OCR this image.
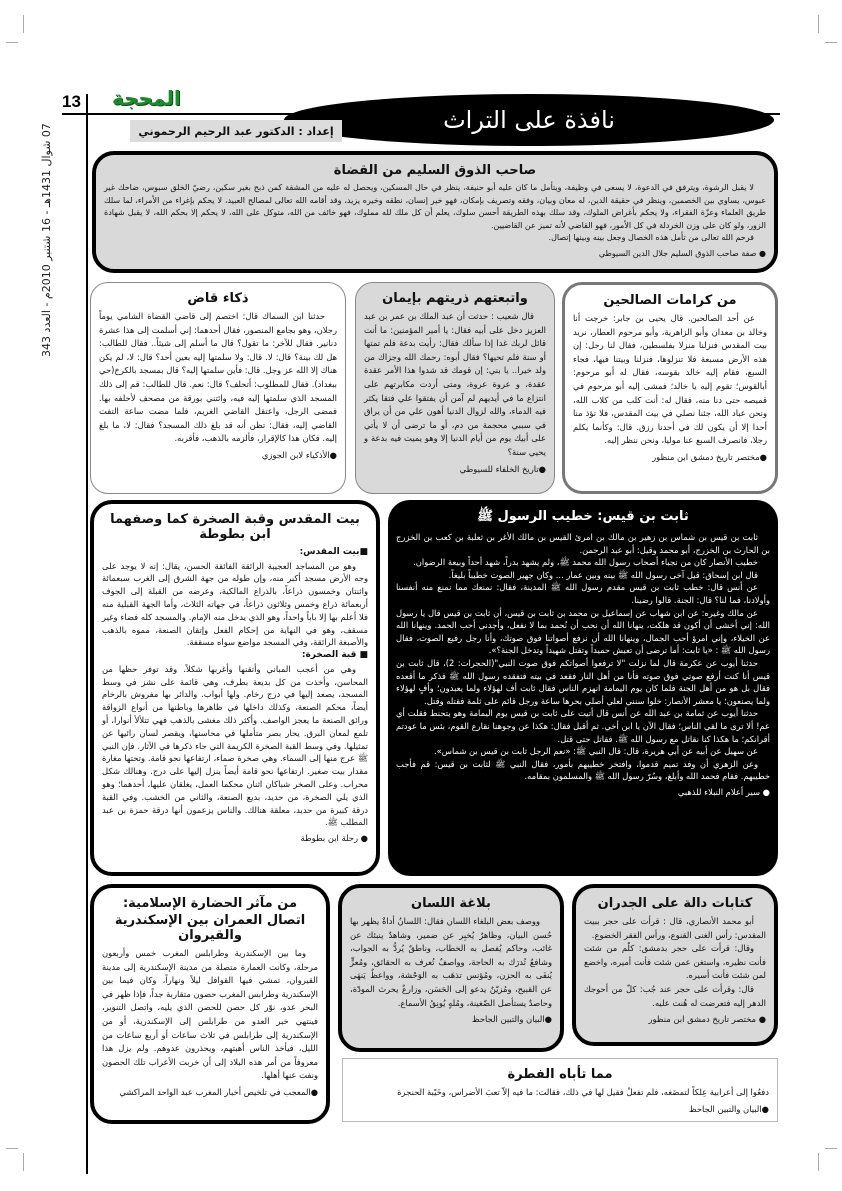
13
07 شوال 1431هـ - 16 شتنبر 2010م - العدد 343
المحجة
نافذة على التراث
إعداد : الدكتور عبد الرحيم الرحموني
صاحب الذوق السليم من القضاة

لا يقبل الرشوة، ويترفق في الدعوة، لا يسعى في وظيفة، ويتأمل ما كان عليه أبو حنيفة، ينظر في حال المسكين، ويحصل له عليه من المشقة كمن ذبح بغير سكين، رضيّ الخلق سبوس، ضاحك غير عبوس، يساوي بين الخصمين، وينظر في حقيقة الدين، له معان وبيان، وفقه وتصريف بإمكان، فهو خير إنسان، نطقه وخيره يزيد، وقد أقامه الله تعالى لمصالح العبيد، لا يحكم بإغراء من الأمراء، لما سلك طريق العلماء وعزّة الفقراء، ولا يحكم بأغراض الملوك، وقد سلك بهذه الطريقة أحسن سلوك، يعلم أن كل ملك لله مملوك، فهو خائف من الله، متوكل على الله، لا يحكم إلا بحكم الله، لا يقبل شهادة الزور، ولو كان على وزن الخردلة في كل الأمور، فهو القاضي لأنه تميز عن القاضيين.

فرحم الله تعالى من تأمل هذه الخصال وجعل بينه وبينها إتصال.

● صفة صاحب الذوق السليم جلال الدين السيوطي

من كرامات الصالحين

عن أحد الصالحين. قال يحيى بن جابر: خرجت أنا وخالد بن معدان وأبو الزاهرية، وأبو مرحوم العطار، نريد بيت المقدس فنزلنا منزلا بفلسطين، فقال لنا رجل: إن هذه الأرض مسبعة فلا تنزلوها، فنزلنا وبيتنا فيها، فجاء السبع، فقام إليه خالد بقوسه، فقال له أبو مرحوم: أبالقوس؛ تقوم إليه يا خالد؛ فمشى إليه أبو مرحوم في قميصه حتى دنا منه، فقال له: أنت كلب من كلاب الله، ونحن عباد الله، جئنا نصلي في بيت المقدس، فلا تؤذ منا أحدا إلا أن يكون لك في أحدنا رزق. قال: وكأنما يكلم رجلا، فانصرف السبع عنا موليا، ونحن ننظر إليه.

●مختصر تاريخ دمشق ابن منظور

واتبعتهم ذريتهم بإيمان

قال شعيب : حدثت أن عبد الملك بن عمر بن عبد العزيز دخل على أبيه فقال: يا أمير المؤمنين: ما أنت قائل لربك غدا إذا سألك فقال: رأيت بدعة فلم تمتها أو سنة فلم تحيها؟ فقال أبوه: رحمك الله وجزاك من ولد خيرا.. يا بني: إن قومك قد شدوا هذا الأمر عقدة عقدة، و عروة عروة، ومتى أردت مكابرتهم على انتزاع ما في أيديهم لم آمن أن يفتقوا علي فتقا يكثر فيه الدماء، والله لزوال الدنيا أهون علي من أن يراق في سببي محجمة من دم، أو ما ترضى أن لا يأتي على أبيك يوم من أيام الدنيا إلا وهو يميت فيه بدعة و يحيي سنة؟

●تاريخ الخلفاء للسيوطي

ذكاء قاض

حدثنا ابن السماك قال: اختصم إلى قاضي القضاة الشامي يوماً رجلان، وهو بجامع المنصور، فقال أحدهما: إني أسلمت إلى هذا عشرة دنانير. فقال للآخر: ما تقول؟ قال ما أسلم إلى شيئاً.. فقال للطالب: هل لك بينة؟ قال: لا. قال: ولا سلمتها إليه بعين أحد؟ قال: لا، لم يكن هناك إلا الله عز وجل. قال: فأين سلمتها إليه؟ قال بمسجد بالكرخ(حي ببغداد). فقال للمطلوب: أتحلف؟ قال: نعم. قال للطالب: قم إلى ذلك المسجد الذي سلمتها إليه فيه، وائتني بورقة من مصحف لأحلفه بها. فمضى الرجل، واعتقل القاضي الغريم، فلما مضت ساعة التفت القاضي إليه، فقال: تظن أنه قد بلغ ذلك المسجد؟ فقال: لا، ما بلغ إليه. فكان هذا كالإقرار، فألزمه بالذهب، فأقربه.

●الأذكياء لابن الجوزي

ثابت بن قيس: خطيب الرسول ﷺ

ثابت بن قيس بن شماس بن زهير بن مالك بن امرئ القيس بن مالك الأغر بن ثعلبة بن كعب بن الخزرج بن الحارث بن الخزرج، أبو محمد وقيل: أبو عبد الرحمن.

خطيب الأنصار كان من نجباء أصحاب رسول الله محمد ﷺ، ولم يشهد بدراً، شهد أحداً وبيعة الرضوان.

قال ابن إسحاق: قيل آخى رسول الله ﷺ بينه وبين عمار ... وكان جهير الصوت خطيباً بليغاً.

عن أنس قال: خطب ثابت بن قيس مقدم رسول الله ﷺ المدينة، فقال: نمنعك مما نمنع منه أنفسنا وأولادنا، فما لنا؟ قال: الجنة. قالوا رضينا.

عن مالك وغيره: عن ابن شهاب عن إسماعيل بن محمد بن ثابت بن قيس، أن ثابت بن قيس قال يا رسول الله: إني أخشى أن أكون قد هلكت، ينهانا الله أن نحب أن نُحمد بما لا نفعل، وأجدني أحب الحمد. وينهانا الله عن الخيلاء، وإني امرؤ أحب الجمال، وينهانا الله أن نرفع أصواتنا فوق صوتك، وأنا رجل رفيع الصوت، فقال رسول الله ﷺ : «يا ثابت: أما ترضى أن تعيش حميداً وتقتل شهيداً وتدخل الجنة؟».

حدثنا أيوب عن عكرمة قال لما نزلت "لا ترفعوا أصواتكم فوق صوت النبي"(الحجرات: 2)، قال ثابت بن قيس أنا كنت أرفع صوتي فوق صوته فأنا من أهل النار فقعد في بيته فتفقده رسول الله ﷺ فذكر ما أقعده فقال بل هو من أهل الجنة فلما كان يوم اليمامة انهزم الناس فقال ثابت أف لهؤلاء ولما يعبدون؛ وأفٍ لهؤلاء ولما يصنعون؛ يا معشر الأنصار: خلوا سنني لعلي أصلي بحرها ساعة ورجل قائم على ثلمة فقتله وقتل.

حدثنا أيوب عن ثمامة بن عبد الله عن أنس قال أتيت على ثابت بن قيس يوم اليمامة وهو يتحنط فقلت أي عم! ألا ترى ما لقي الناس؛ فقال الآن يا ابن أخي. ثم أقبل فقال: هكذا عن وجوهنا نقارع القوم، بئس ما عودتم أقرانكم؛ ما هكذا كنا نقاتل مع رسول الله ﷺ. فقاتل حتى قتل.

عن سهيل عن أبيه عن أبي هريرة، قال: قال النبي ﷺ: «نعم الرجل ثابت بن قيس بن شماس».

وعن الزهري أن وفد تميم قدموا، وافتخر خطيبهم بأمور، فقال النبي ﷺ لثابت بن قيس: قم فأجب خطيبهم. فقام فحمد الله وأبلغ، وسُرّ رسول الله ﷺ والمسلمون بمقامه.

● سير أعلام النبلاء للذهبي

بيت المقدس وقبة الصخرة كما وصفهما ابن بطوطة

■بيت المقدس:

وهو من المساجد العجيبة الرائقة الفائقة الحسن، يقال: إنه لا يوجد على وجه الأرض مسجد أكبر منه، وإن طوله من جهة الشرق إلى الغرب سبعمائة واثنتان وخمسون ذراعاً، بالذراع المالكية، وعرضه من القبلة إلى الجوف أربعمائة ذراع وخمس وثلاثون ذراعاً، في جهاته الثلاث، وأما الجهة القبلية منه فلا أعلم بها إلا باباً واحداً، وهو الذي يدخل منه الإمام. والمسجد كله فضاء وغير مسقف، وهو في النهاية من إحكام الفعل وإتقان الصنعة، مموه بالذهب والأصبغة الرائقة، وفي المسجد مواضع سواه مسقفة.

■ قبة الصخرة:

وهي من أعجب المباني وأتقنها وأغربها شكلاً. وقد توفر حظها من المحاسن، وأخذت من كل بديعة بطرف، وهي قائمة على نشز في وسط المسجد، يصعد إليها في درج رخام. ولها أبواب. والدائر بها مفروش بالرخام أيضاً، محكم الصنعة، وكذلك داخلها في ظاهرها وباطنها من أنواع الزواقة ورائق الصنعة ما يعجز الواصف. وأكثر ذلك مغشى بالذهب فهي تتلألأ أنوارا، أو تلمع لمعان البرق. يحار بصر متأملها في محاسنها، ويقصر لسان رائيها عن تمثيلها. وفي وسط القبة الصخرة الكريمة التي جاء ذكرها في الآثار. فإن النبي ﷺ عرج منها إلى السماء. وهي صخرة صماء، ارتفاعها نحو قامة. وتحتها مغارة مقدار بيت صغير. ارتفاعها نحو قامة أيضاً ينزل إليها على درج. وهنالك شكل محراب. وعلى الصخر شباكان اثنان محكما العمل، يغلقان عليها، أحدهما؛ وهو الذي يلي الصخرة، من حديد، بديع الصنعة، والثاني من الخشب. وفي القبة درقة كبيرة من حديد، معلقة هنالك. والناس يزعمون أنها درقة حمزة بن عبد المطلب ﷺ.

● رحلة ابن بطوطة

كتابات دالة على الجدران

أبو محمد الأنصاري، قال : قرأت على حجر ببيت المقدس: رأس الغنى القنوع، ورأس الفقر الخضوع.

وقال: قرأت على حجر بدمشق: كلْم من شئت فأنت نظيره، واستغن عمن شئت فأنت أميره، واخضع لمن شئت فأنت أسيره.

قال: وقرأت على حجر عند جُب: كلّ من أحوجك الدهر إليه فتعرضت له هُنت عليه.

● مختصر تاريخ دمشق ابن منظور

بلاغة اللسان

ووصف بعض البلغاء اللسان فقال: اللسانُ أداةٌ يظهر بها حُسن البيان، وظاهرٌ يُخبِر عن ضمير، وشاهدٌ ينبئك عن غائب، وحاكم يُفصل به الخطاب، وناطقٌ يُردُّ به الجواب، وشافعٌ تُدرَك به الحاجة، وواصفٌ تُعرف به الحقائق، ومُعزٍّ يُنفَى به الحزن، ومُؤنس تذهَب به الوَحْشة، وواعظٌ يَنهَى عن القبيح، ومُزيّنٌ يدعو إلى الحَسَن، وزارعٌ يحرث المودّة، وحاصدٌ يستأصل الضّغينة، ومُلهٍ يُونِقُ الأسماع.

●البيان والتبين الجاحظ

من مآثر الحضارة الإسلامية:
اتصال العمران بين الإسكندرية والقيروان

وما بين الإسكندرية وطرابلس المغرب خمس وأربعون مرحلة، وكانت العمارة متصلة من مدينة الإسكندرية إلى مدينة القيروان، تمشي فيها القوافل ليلاً ونهاراً، وكان فيما بين الإسكندرية وطرابس المغرب حصون متقاربة جداً، فإذا ظهر في البحر عدو، نوّر كل حصن للحصن الذي يليه، واتصل التنوير، فينتهي خبر العدو من طرابلس إلى الإسكندرية، أو من الإسكندرية إلى طرابلس في ثلاث ساعات أو أربع ساعات من الليل، فيأخذ الناس أهبتهم، ويحذرون عدوهم. ولم يزل هذا معروفاً من أمر هذه البلاد إلى أن خربت الأعراب تلك الحصون ونفت عنها أهلها.

●المعجب في تلخيص أخبار المغرب عبد الواحد المراكشي

مما تأباه الفطرة

دفعُوا إلى أعرابية عِلكاً لتمضَغه، فلم تفعلْ فقيل لها في ذلك، فقالت: ما فيه إلاّ تعبَ الأضراس، وخَيْبة الحنجرة

●البيان والتبين الجاحظ
